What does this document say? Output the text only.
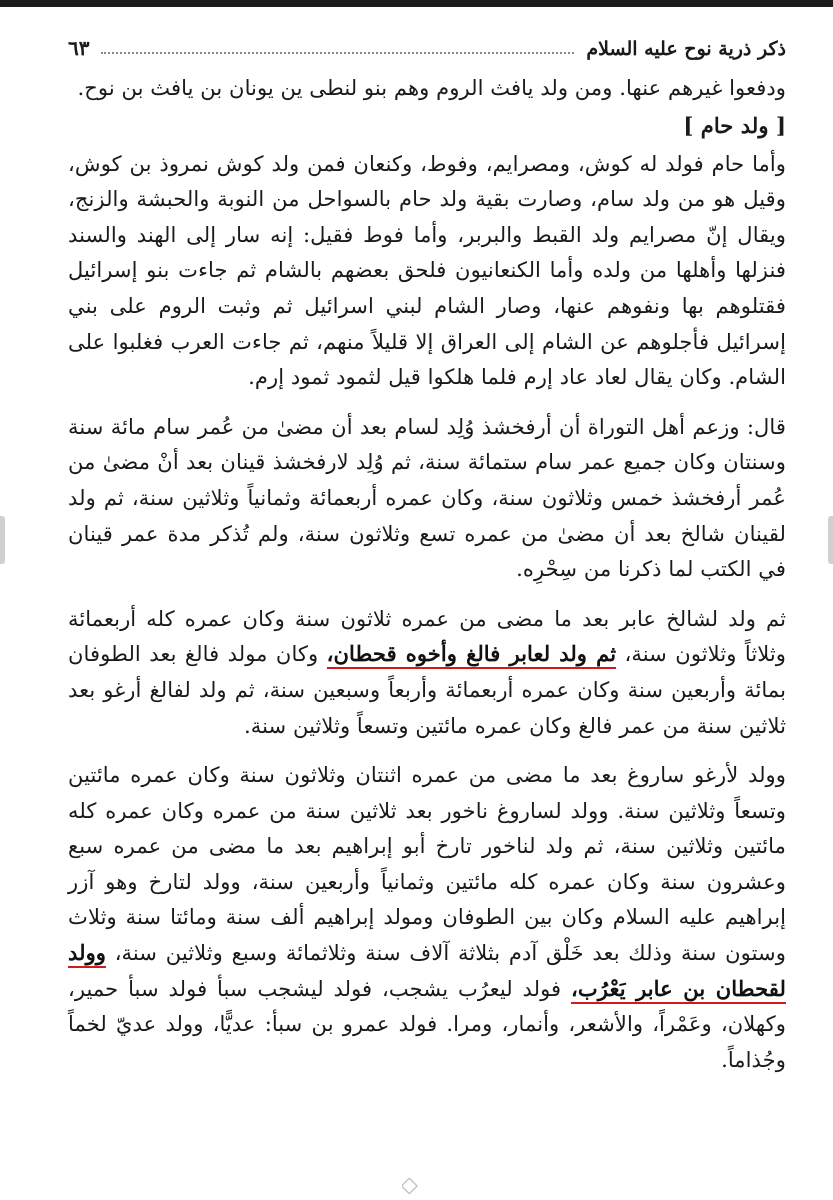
ذكر ذرية نوح عليه السلام
٦٣

ودفعوا غيرهم عنها. ومن ولد يافث الروم وهم بنو لنطى ين يونان بن يافث بن نوح.

[ ولد حام ]

وأما حام فولد له كوش، ومصرايم، وفوط، وكنعان فمن ولد كوش نمروذ بن كوش، وقيل هو من ولد سام، وصارت بقية ولد حام بالسواحل من النوبة والحبشة والزنج، ويقال إنّ مصرايم ولد القبط والبربر، وأما فوط فقيل: إنه سار إلى الهند والسند فنزلها وأهلها من ولده وأما الكنعانيون فلحق بعضهم بالشام ثم جاءت بنو إسرائيل فقتلوهم بها ونفوهم عنها، وصار الشام لبني اسرائيل ثم وثبت الروم على بني إسرائيل فأجلوهم عن الشام إلى العراق إلا قليلاً منهم، ثم جاءت العرب فغلبوا على الشام. وكان يقال لعاد عاد إرم فلما هلكوا قيل لثمود ثمود إرم.

قال: وزعم أهل التوراة أن أرفخشذ وُلِد لسام بعد أن مضىٰ من عُمر سام مائة سنة وسنتان وكان جميع عمر سام ستمائة سنة، ثم وُلِد لارفخشذ قينان بعد أنْ مضىٰ من عُمر أرفخشذ خمس وثلاثون سنة، وكان عمره أربعمائة وثمانياً وثلاثين سنة، ثم ولد لقينان شالخ بعد أن مضىٰ من عمره تسع وثلاثون سنة، ولم تُذكر مدة عمر قينان في الكتب لما ذكرنا من سِحْرِه.

ثم ولد لشالخ عابر بعد ما مضى من عمره ثلاثون سنة وكان عمره كله أربعمائة وثلاثاً وثلاثون سنة، ثم ولد لعابر فالغ وأخوه قحطان، وكان مولد فالغ بعد الطوفان بمائة وأربعين سنة وكان عمره أربعمائة وأربعاً وسبعين سنة، ثم ولد لفالغ أرغو بعد ثلاثين سنة من عمر فالغ وكان عمره مائتين وتسعاً وثلاثين سنة.

وولد لأرغو ساروغ بعد ما مضى من عمره اثنتان وثلاثون سنة وكان عمره مائتين وتسعاً وثلاثين سنة. وولد لساروغ ناخور بعد ثلاثين سنة من عمره وكان عمره كله مائتين وثلاثين سنة، ثم ولد لناخور تارخ أبو إبراهيم بعد ما مضى من عمره سبع وعشرون سنة وكان عمره كله مائتين وثمانياً وأربعين سنة، وولد لتارخ وهو آزر إبراهيم عليه السلام وكان بين الطوفان ومولد إبراهيم ألف سنة ومائتا سنة وثلاث وستون سنة وذلك بعد خَلْق آدم بثلاثة آلاف سنة وثلاثمائة وسبع وثلاثين سنة، وولد لقحطان بن عابر يَعْرُب، فولد ليعرُب يشجب، فولد ليشجب سبأ فولد سبأ حمير، وكهلان، وعَمْراً، والأشعر، وأنمار، ومرا. فولد عمرو بن سبأ: عديًّا، وولد عديّ لخماً وجُذاماً.
